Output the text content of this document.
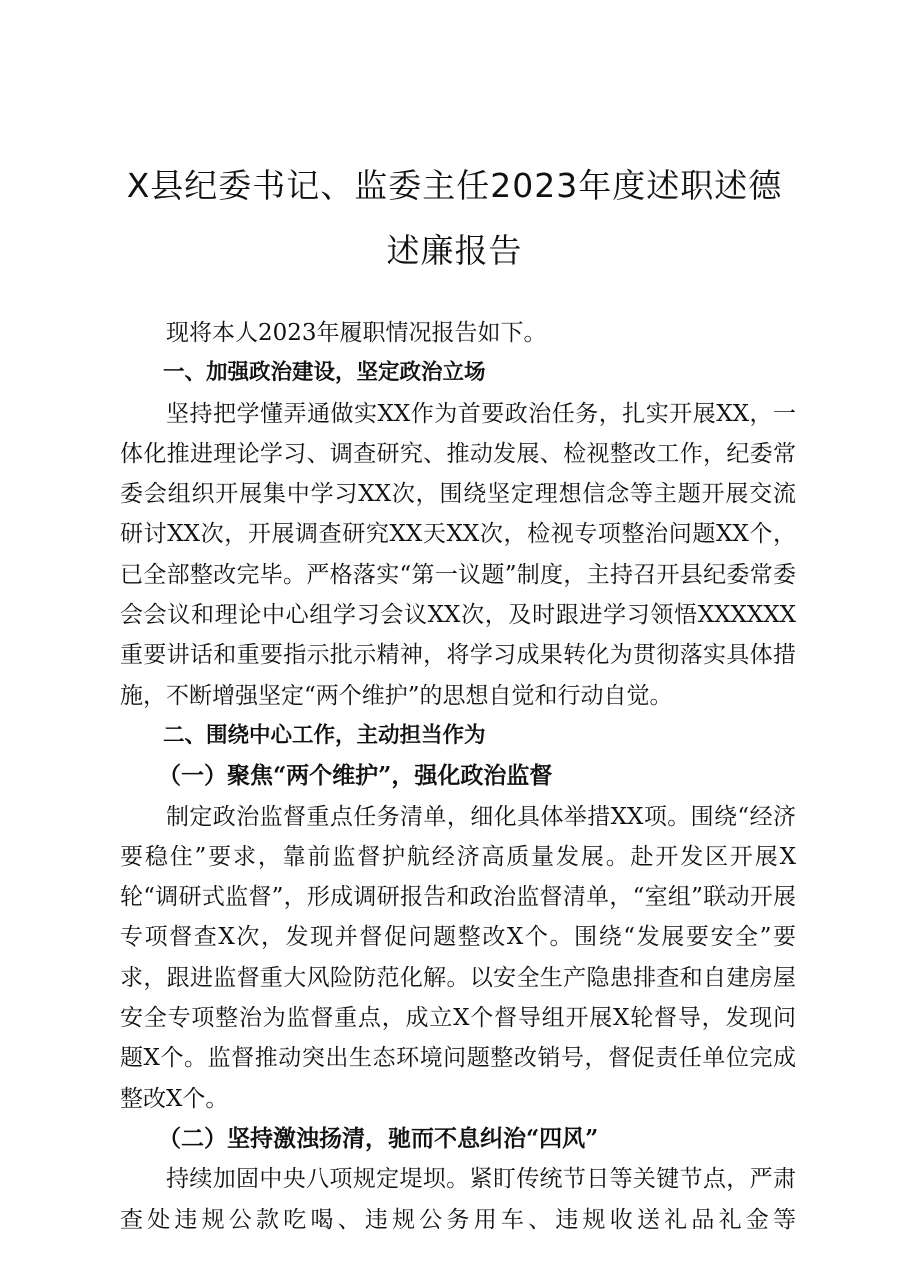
X县纪委书记、监委主任2023年度述职述德
述廉报告

现将本人2023年履职情况报告如下。

一、加强政治建设，坚定政治立场

坚持把学懂弄通做实XX作为首要政治任务，扎实开展XX，一体化推进理论学习、调查研究、推动发展、检视整改工作，纪委常委会组织开展集中学习XX次，围绕坚定理想信念等主题开展交流研讨XX次，开展调查研究XX天XX次，检视专项整治问题XX个，已全部整改完毕。严格落实“第一议题”制度，主持召开县纪委常委会会议和理论中心组学习会议XX次，及时跟进学习领悟XXXXXX重要讲话和重要指示批示精神，将学习成果转化为贯彻落实具体措施，不断增强坚定“两个维护”的思想自觉和行动自觉。

二、围绕中心工作，主动担当作为

（一）聚焦“两个维护”，强化政治监督

制定政治监督重点任务清单，细化具体举措XX项。围绕“经济要稳住”要求，靠前监督护航经济高质量发展。赴开发区开展X轮“调研式监督”，形成调研报告和政治监督清单，“室组”联动开展专项督查X次，发现并督促问题整改X个。围绕“发展要安全”要求，跟进监督重大风险防范化解。以安全生产隐患排查和自建房屋安全专项整治为监督重点，成立X个督导组开展X轮督导，发现问题X个。监督推动突出生态环境问题整改销号，督促责任单位完成整改X个。

（二）坚持激浊扬清，驰而不息纠治“四风”

持续加固中央八项规定堤坝。紧盯传统节日等关键节点，严肃查处违规公款吃喝、违规公务用车、违规收送礼品礼金等
